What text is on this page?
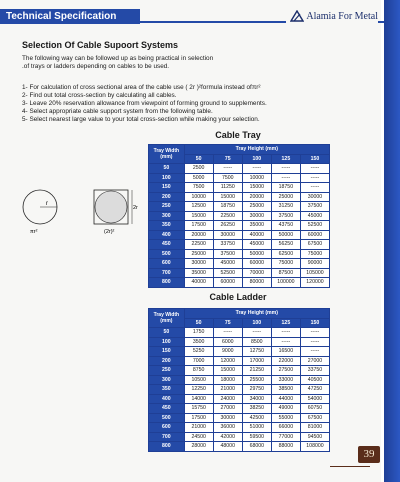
Technical Specification	Alamia For Metal
Selection Of Cable Supoort Systems
The following way can be followed up as being practical in selection
.of trays or ladders depending on cables to be used.
1- For calculation of cross sectional area of the cable use ( 2r )²formula instead ofπr²
2- Find out total cross-section by calculating all cables.
3- Leave 20% reservation allowance from viewpoint of forming ground to supplements.
4- Select appropriate cable support system from the following table.
5- Select nearest large value to your total cross-section while making your selection.
r
πr²
2r
(2r)²
Cable Tray
Tray Width (mm)	Tray Height (mm)				
	50	75	100	125	150
50	2500	-----	-----	-----	-----
100	5000	7500	10000	-----	-----
150	7500	11250	15000	18750	-----
200	10000	15000	20000	25000	30000
250	12500	18750	25000	31250	37500
300	15000	22500	30000	37500	45000
350	17500	26250	35000	43750	52500
400	20000	30000	40000	50000	60000
450	22500	33750	45000	56250	67500
500	25000	37500	50000	62500	75000
600	30000	45000	60000	75000	90000
700	35000	52500	70000	87500	105000
800	40000	60000	80000	100000	120000
Cable Ladder
Tray Width (mm)	Tray Height (mm)				
	50	75	100	125	150
50	1750	-----	-----	-----	-----
100	3500	6000	8500	-----	-----
150	5250	9000	12750	16500	-----
200	7000	12000	17000	22000	27000
250	8750	15000	21250	27500	33750
300	10500	18000	25500	33000	40500
350	12250	21000	29750	38500	47250
400	14000	24000	34000	44000	54000
450	15750	27000	38250	49000	60750
500	17500	30000	42500	55000	67500
600	21000	36000	51000	66000	81000
700	24500	42000	59500	77000	94500
800	28000	48000	68000	88000	108000
39
